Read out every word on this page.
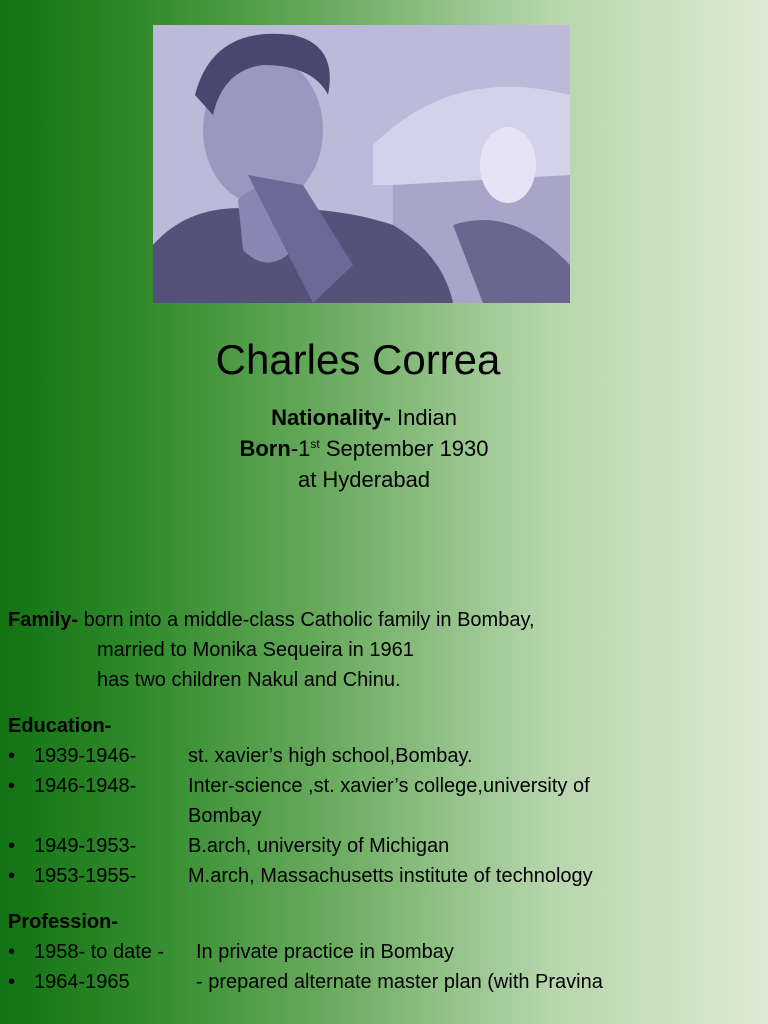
Charles Correa
Nationality- Indian
Born-1st September 1930
at Hyderabad
Family- born into a middle-class Catholic family in Bombay,
married to Monika Sequeira in 1961
has two children Nakul and Chinu.
Education-
• 1939-1946-	st. xavier’s high school,Bombay.
• 1946-1948-	Inter-science ,st. xavier’s college,university of
Bombay
• 1949-1953-	B.arch, university of Michigan
• 1953-1955-	M.arch, Massachusetts institute of technology
Profession-
• 1958- to date - In private practice in Bombay
• 1964-1965	- prepared alternate master plan (with Pravina
